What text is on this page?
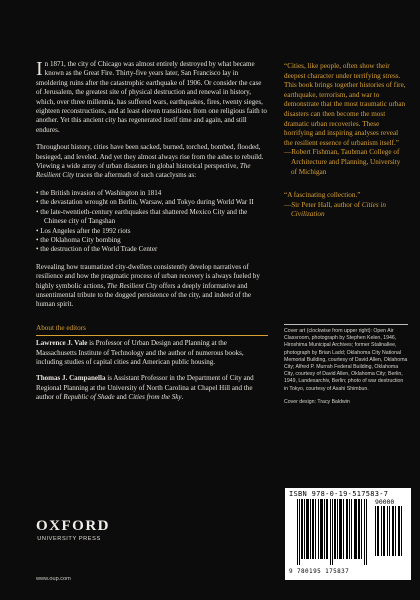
In 1871, the city of Chicago was almost entirely destroyed by what became known as the Great Fire. Thirty-five years later, San Francisco lay in smoldering ruins after the catastrophic earthquake of 1906. Or consider the case of Jerusalem, the greatest site of physical destruction and renewal in history, which, over three millennia, has suffered wars, earthquakes, fires, twenty sieges, eighteen reconstructions, and at least eleven transitions from one religious faith to another. Yet this ancient city has regenerated itself time and again, and still endures.

Throughout history, cities have been sacked, burned, torched, bombed, flooded, besieged, and leveled. And yet they almost always rise from the ashes to rebuild. Viewing a wide array of urban disasters in global historical perspective, The Resilient City traces the aftermath of such cataclysms as:

• the British invasion of Washington in 1814
• the devastation wrought on Berlin, Warsaw, and Tokyo during World War II
• the late-twentieth-century earthquakes that shattered Mexico City and the Chinese city of Tangshan
• Los Angeles after the 1992 riots
• the Oklahoma City bombing
• the destruction of the World Trade Center

Revealing how traumatized city-dwellers consistently develop narratives of resilience and how the pragmatic process of urban recovery is always fueled by highly symbolic actions, The Resilient City offers a deeply informative and unsentimental tribute to the dogged persistence of the city, and indeed of the human spirit.

About the editors

Lawrence J. Vale is Professor of Urban Design and Planning at the Massachusetts Institute of Technology and the author of numerous books, including studies of capital cities and American public housing.

Thomas J. Campanella is Assistant Professor in the Department of City and Regional Planning at the University of North Carolina at Chapel Hill and the author of Republic of Shade and Cities from the Sky.

“Cities, like people, often show their deepest character under terrifying stress. This book brings together histories of fire, earthquake, terrorism, and war to demonstrate that the most traumatic urban disasters can then become the most dramatic urban recoveries. These horrifying and inspiring analyses reveal the resilient essence of urbanism itself.”
—Robert Fishman, Taubman College of Architecture and Planning, University of Michigan
“A fascinating collection.”
—Sir Peter Hall, author of Cities in Civilization
Cover art (clockwise from upper right): Open Air Classroom, photograph by Stephen Kelen, 1946, Hiroshima Municipal Archives; former Stalinallee, photograph by Brian Ladd; Oklahoma City National Memorial Building, courtesy of David Allen, Oklahoma City; Alfred P. Murrah Federal Building, Oklahoma City, courtesy of David Allen, Oklahoma City; Berlin, 1949, Landesarchiv, Berlin; photo of war destruction in Tokyo, courtesy of Asahi Shimbun.
Cover design: Tracy Baldwin
OXFORD
UNIVERSITY PRESS
www.oup.com
ISBN 978-0-19-517583-7
90000
9 780195 175837
